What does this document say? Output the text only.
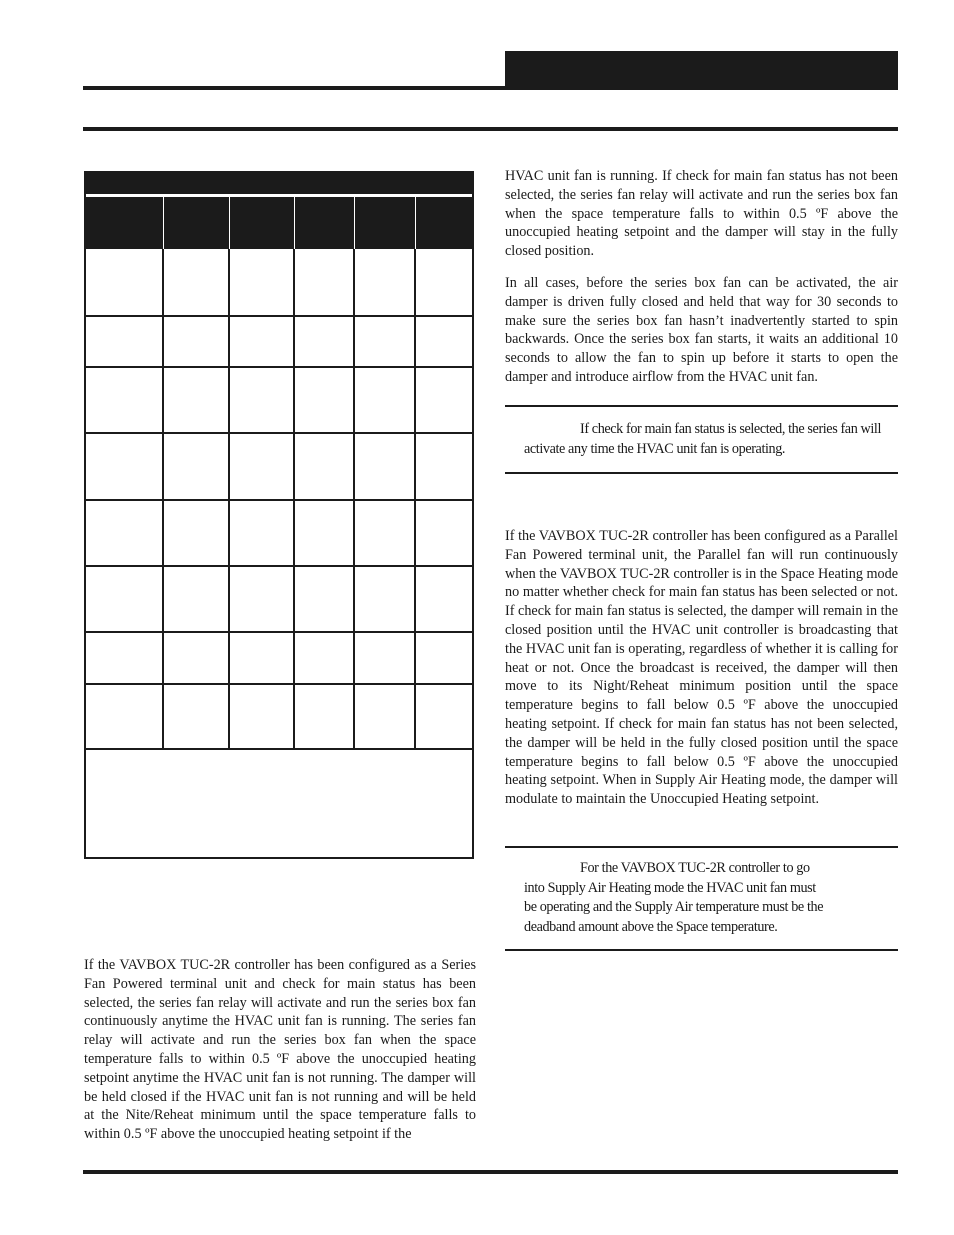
If the VAVBOX TUC-2R controller has been configured as a Series Fan Powered terminal unit and check for main status has been selected, the series fan relay will activate and run the series box fan continuously anytime the HVAC unit fan is running. The series fan relay will activate and run the series box fan when the space temperature falls to within 0.5 ºF above the unoccupied heating setpoint anytime the HVAC unit fan is not running. The damper will be held closed if the HVAC unit fan is not running and will be held at the Nite/Reheat minimum until the space temperature falls to within 0.5 ºF above the unoccupied heating setpoint if the

HVAC unit fan is running. If check for main fan status has not been selected, the series fan relay will activate and run the series box fan when the space temperature falls to within 0.5 ºF above the unoccupied heating setpoint and the damper will stay in the fully closed position.

In all cases, before the series box fan can be activated, the air damper is driven fully closed and held that way for 30 seconds to make sure the series box fan hasn’t inadvertently started to spin backwards. Once the series box fan starts, it waits an additional 10 seconds to allow the fan to spin up before it starts to open the damper and introduce airflow from the HVAC unit fan.

If check for main fan status is selected, the series fan will activate any time the HVAC unit fan is operating.

If the VAVBOX TUC-2R controller has been configured as a Parallel Fan Powered terminal unit, the Parallel fan will run continuously when the VAVBOX TUC-2R controller is in the Space Heating mode no matter whether check for main fan status has been selected or not. If check for main fan status is selected, the damper will remain in the closed position until the HVAC unit controller is broadcasting that the HVAC unit fan is operating, regardless of whether it is calling for heat or not. Once the broadcast is received, the damper will then move to its Night/Reheat minimum position until the space temperature begins to fall below 0.5 ºF above the unoccupied heating setpoint. If check for main fan status has not been selected, the damper will be held in the fully closed position until the space temperature begins to fall below 0.5 ºF above the unoccupied heating setpoint. When in Supply Air Heating mode, the damper will modulate to maintain the Unoccupied Heating setpoint.

For the VAVBOX TUC-2R controller to go
into Supply Air Heating mode the HVAC unit fan must
be operating and the Supply Air temperature must be the
deadband amount above the Space temperature.
